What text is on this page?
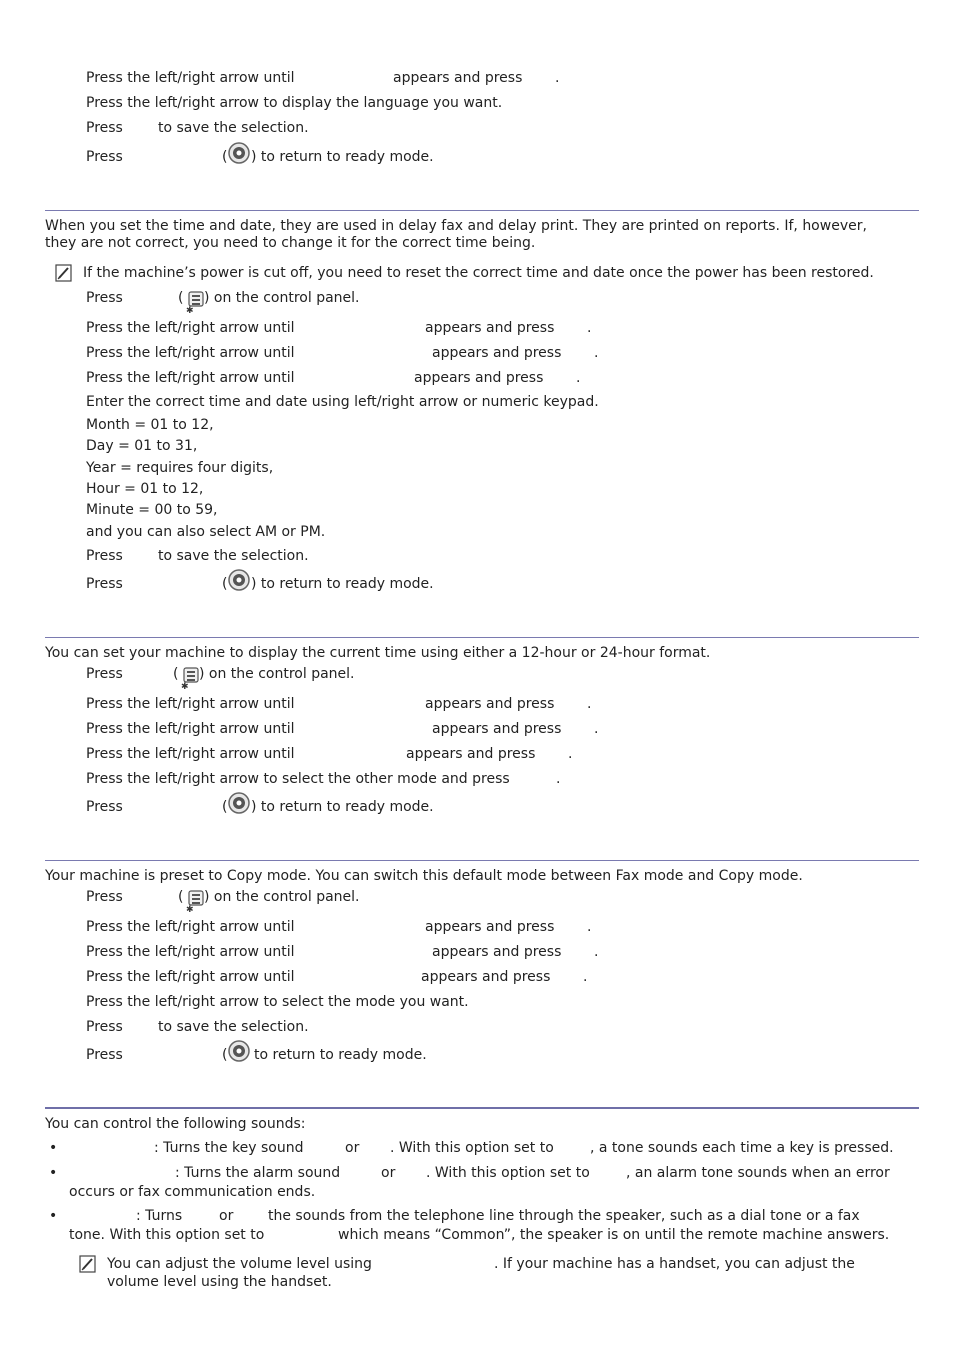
Press the left/right arrow until	appears and press .
Press the left/right arrow to display the language you want.
Press	to save the selection.
Press	( ) to return to ready mode.
When you set the time and date, they are used in delay fax and delay print. They are printed on reports. If, however,
they are not correct, you need to change it for the correct time being.
If the machine’s power is cut off, you need to reset the correct time and date once the power has been restored.
Press	(
✱
) on the control panel.
Press the left/right arrow until	appears and press .
Press the left/right arrow until	appears and press .
Press the left/right arrow until	appears and press .
Enter the correct time and date using left/right arrow or numeric keypad.
Month = 01 to 12,
Day = 01 to 31,
Year = requires four digits,
Hour = 01 to 12,
Minute = 00 to 59,
and you can also select AM or PM.
Press	to save the selection.
Press	( ) to return to ready mode.
You can set your machine to display the current time using either a 12-hour or 24-hour format.
Press	(
✱
) on the control panel.
Press the left/right arrow until	appears and press .
Press the left/right arrow until	appears and press .
Press the left/right arrow until	appears and press .
Press the left/right arrow to select the other mode and press	.
Press	( ) to return to ready mode.
Your machine is preset to Copy mode. You can switch this default mode between Fax mode and Copy mode.
Press	(
✱
) on the control panel.
Press the left/right arrow until	appears and press .
Press the left/right arrow until	appears and press .
Press the left/right arrow until	appears and press .
Press the left/right arrow to select the mode you want.
Press	to save the selection.
Press	( to return to ready mode.
You can control the following sounds:
•	: Turns the key sound	or . With this option set to	, a tone sounds each time a key is pressed.
•	: Turns the alarm sound	or . With this option set to	, an alarm tone sounds when an error
occurs or fax communication ends.
•	: Turns	or the sounds from the telephone line through the speaker, such as a dial tone or a fax
tone. With this option set to	which means “Common”, the speaker is on until the remote machine answers.
You can adjust the volume level using	. If your machine has a handset, you can adjust the
volume level using the handset.
